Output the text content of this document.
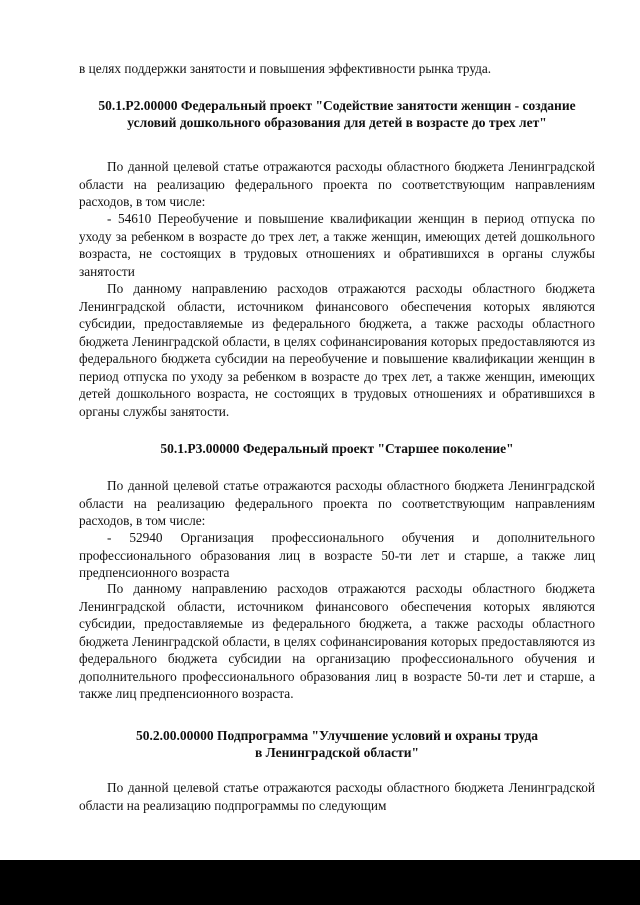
в целях поддержки занятости и повышения эффективности рынка труда.

50.1.P2.00000 Федеральный проект "Содействие занятости женщин - создание условий дошкольного образования для детей в возрасте до трех лет"

По данной целевой статье отражаются расходы областного бюджета Ленинградской области на реализацию федерального проекта по соответствующим направлениям расходов, в том числе:

- 54610 Переобучение и повышение квалификации женщин в период отпуска по уходу за ребенком в возрасте до трех лет, а также женщин, имеющих детей дошкольного возраста, не состоящих в трудовых отношениях и обратившихся в органы службы занятости

По данному направлению расходов отражаются расходы областного бюджета Ленинградской области, источником финансового обеспечения которых являются субсидии, предоставляемые из федерального бюджета, а также расходы областного бюджета Ленинградской области, в целях софинансирования которых предоставляются из федерального бюджета субсидии на переобучение и повышение квалификации женщин в период отпуска по уходу за ребенком в возрасте до трех лет, а также женщин, имеющих детей дошкольного возраста, не состоящих в трудовых отношениях и обратившихся в органы службы занятости.

50.1.P3.00000 Федеральный проект "Старшее поколение"

По данной целевой статье отражаются расходы областного бюджета Ленинградской области на реализацию федерального проекта по соответствующим направлениям расходов, в том числе:

- 52940 Организация профессионального обучения и дополнительного профессионального образования лиц в возрасте 50-ти лет и старше, а также лиц предпенсионного возраста

По данному направлению расходов отражаются расходы областного бюджета Ленинградской области, источником финансового обеспечения которых являются субсидии, предоставляемые из федерального бюджета, а также расходы областного бюджета Ленинградской области, в целях софинансирования которых предоставляются из федерального бюджета субсидии на организацию профессионального обучения и дополнительного профессионального образования лиц в возрасте 50-ти лет и старше, а также лиц предпенсионного возраста.

50.2.00.00000 Подпрограмма "Улучшение условий и охраны труда

в Ленинградской области"

По данной целевой статье отражаются расходы областного бюджета Ленинградской области на реализацию подпрограммы по следующим
